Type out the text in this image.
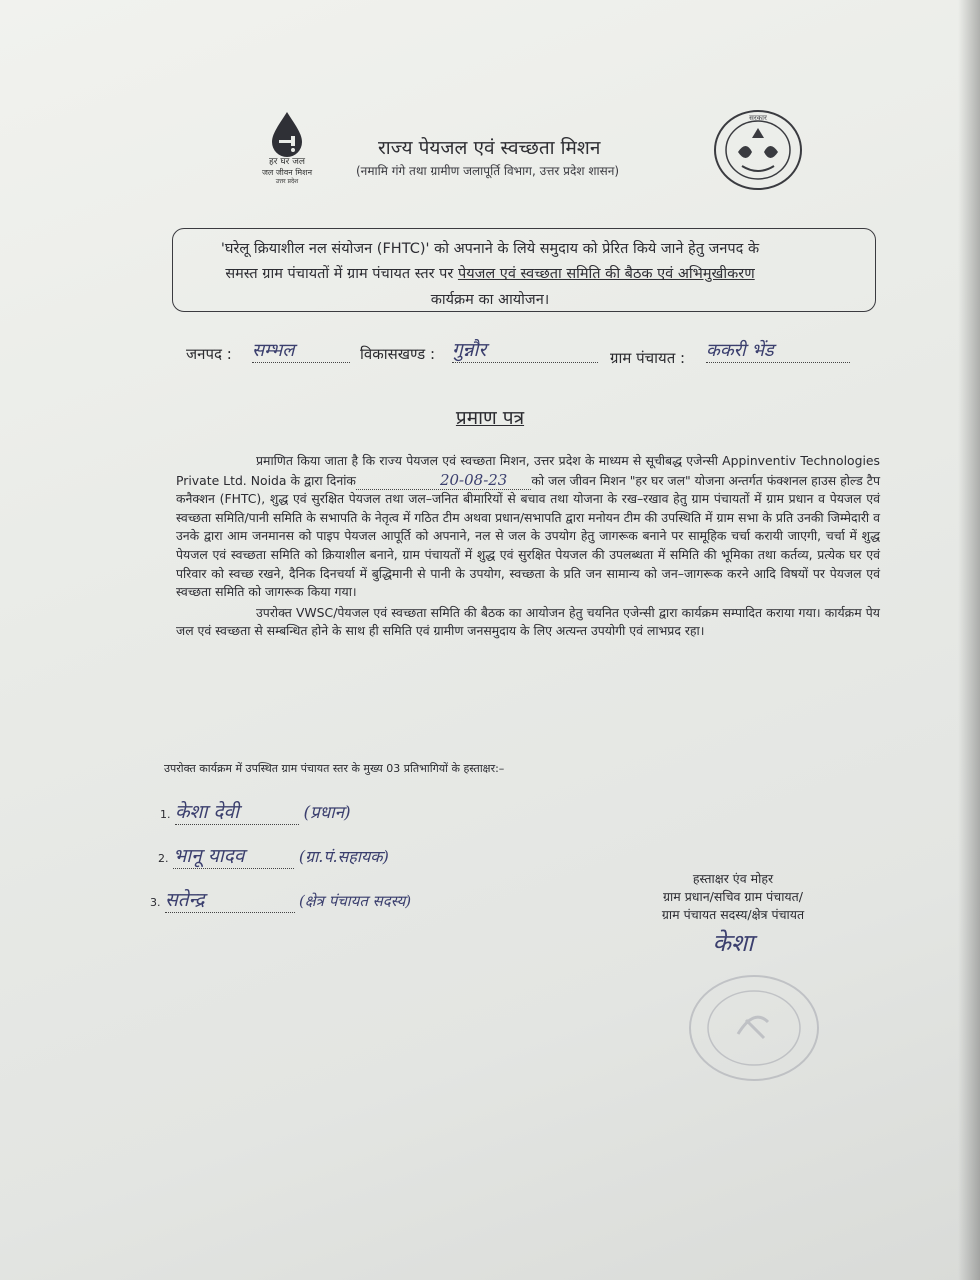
हर घर जल
जल जीवन मिशन
उत्तर प्रदेश
राज्य पेयजल एवं स्वच्छता मिशन
(नमामि गंगे तथा ग्रामीण जलापूर्ति विभाग, उत्तर प्रदेश शासन)
सरकार
'घरेलू क्रियाशील नल संयोजन (FHTC)' को अपनाने के लिये समुदाय को प्रेरित किये जाने हेतु जनपद के
समस्त ग्राम पंचायतों में ग्राम पंचायत स्तर पर पेयजल एवं स्वच्छता समिति की बैठक एवं अभिमुखीकरण
कार्यक्रम का आयोजन।
जनपद : सम्भल	विकासखण्ड : गुन्नौर	ग्राम पंचायत : ककरी भेंड
प्रमाण पत्र

प्रमाणित किया जाता है कि राज्य पेयजल एवं स्वच्छता मिशन, उत्तर प्रदेश के माध्यम से सूचीबद्ध एजेन्सी Appinventiv Technologies Private Ltd. Noida के द्वारा दिनांक	20-08-23 को जल जीवन मिशन "हर घर जल" योजना अन्तर्गत फंक्शनल हाउस होल्ड टैप कनैक्शन (FHTC), शुद्ध एवं सुरक्षित पेयजल तथा जल–जनित बीमारियों से बचाव तथा योजना के रख–रखाव हेतु ग्राम पंचायतों में ग्राम प्रधान व पेयजल एवं स्वच्छता समिति/पानी समिति के सभापति के नेतृत्व में गठित टीम अथवा प्रधान/सभापति द्वारा मनोयन टीम की उपस्थिति में ग्राम सभा के प्रति उनकी जिम्मेदारी व उनके द्वारा आम जनमानस को पाइप पेयजल आपूर्ति को अपनाने, नल से जल के उपयोग हेतु जागरूक बनाने पर सामूहिक चर्चा करायी जाएगी, चर्चा में शुद्ध पेयजल एवं स्वच्छता समिति को क्रियाशील बनाने, ग्राम पंचायतों में शुद्ध एवं सुरक्षित पेयजल की उपलब्धता में समिति की भूमिका तथा कर्तव्य, प्रत्येक घर एवं परिवार को स्वच्छ रखने, दैनिक दिनचर्या में बुद्धिमानी से पानी के उपयोग, स्वच्छता के प्रति जन सामान्य को जन–जागरूक करने आदि विषयों पर पेयजल एवं स्वच्छता समिति को जागरूक किया गया।

उपरोक्त VWSC/पेयजल एवं स्वच्छता समिति की बैठक का आयोजन हेतु चयनित एजेन्सी द्वारा कार्यक्रम सम्पादित कराया गया। कार्यक्रम पेय जल एवं स्वच्छता से सम्बन्धित होने के साथ ही समिति एवं ग्रामीण जनसमुदाय के लिए अत्यन्त उपयोगी एवं लाभप्रद रहा।

उपरोक्त कार्यक्रम में उपस्थित ग्राम पंचायत स्तर के मुख्य 03 प्रतिभागियों के हस्ताक्षर:–
1. केशा देवी	(प्रधान)
2. भानू यादव	(ग्रा.पं.सहायक)
3. सतेन्द्र	(क्षेत्र पंचायत सदस्य)
हस्ताक्षर एंव मोहर
ग्राम प्रधान/सचिव ग्राम पंचायत/
ग्राम पंचायत सदस्य/क्षेत्र पंचायत
केशा
